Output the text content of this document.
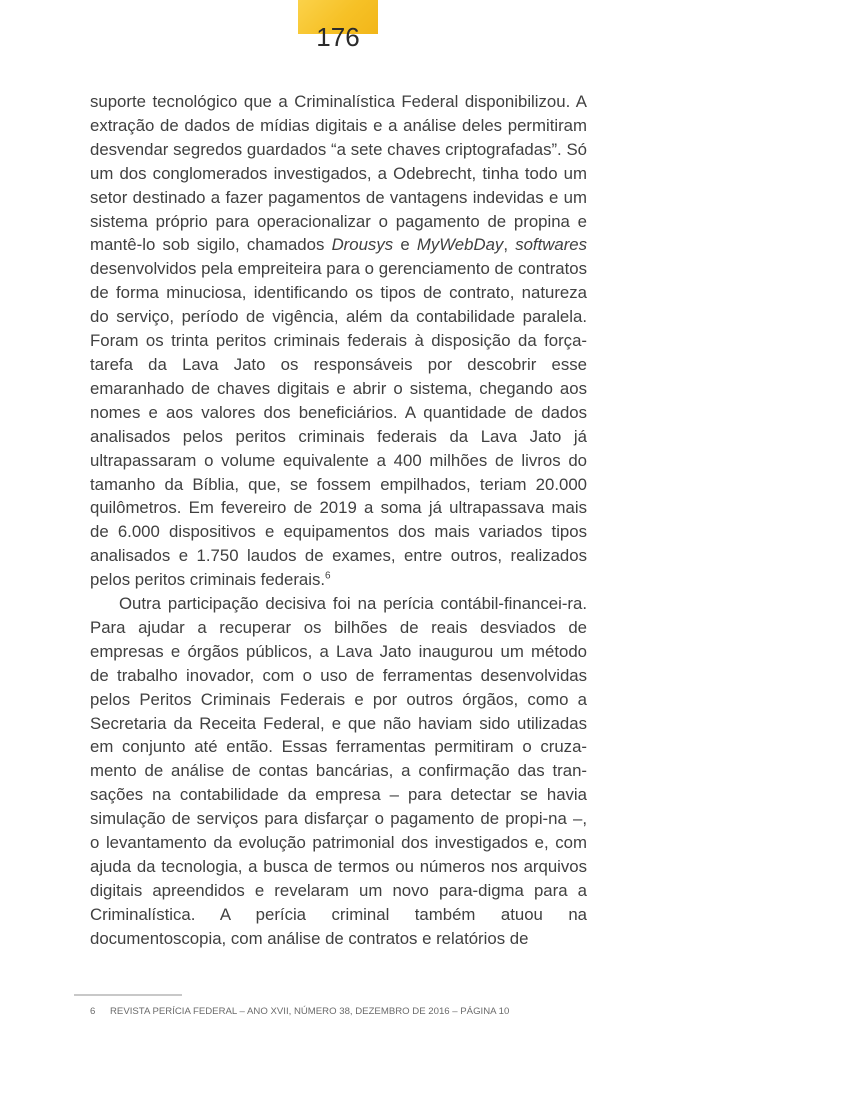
176

suporte tecnológico que a Criminalística Federal disponibilizou. A extração de dados de mídias digitais e a análise deles permitiram desvendar segredos guardados “a sete chaves criptografadas”. Só um dos conglomerados investigados, a Odebrecht, tinha todo um setor destinado a fazer pagamentos de vantagens indevidas e um sistema próprio para operacionalizar o pagamento de propina e mantê-lo sob sigilo, chamados Drousys e MyWebDay, softwares desenvolvidos pela empreiteira para o gerenciamento de contratos de forma minuciosa, identificando os tipos de contrato, natureza do serviço, período de vigência, além da contabilidade paralela. Foram os trinta peritos criminais federais à disposição da força-tarefa da Lava Jato os responsáveis por descobrir esse emaranhado de chaves digitais e abrir o sistema, chegando aos nomes e aos valores dos beneficiários. A quantidade de dados analisados pelos peritos criminais federais da Lava Jato já ultrapassaram o volume equivalente a 400 milhões de livros do tamanho da Bíblia, que, se fossem empilhados, teriam 20.000 quilômetros. Em fevereiro de 2019 a soma já ultrapassava mais de 6.000 dispositivos e equipamentos dos mais variados tipos analisados e 1.750 laudos de exames, entre outros, realizados pelos peritos criminais federais.$^6$

Outra participação decisiva foi na perícia contábil-financei-ra. Para ajudar a recuperar os bilhões de reais desviados de empresas e órgãos públicos, a Lava Jato inaugurou um método de trabalho inovador, com o uso de ferramentas desenvolvidas pelos Peritos Criminais Federais e por outros órgãos, como a Secretaria da Receita Federal, e que não haviam sido utilizadas em conjunto até então. Essas ferramentas permitiram o cruza-mento de análise de contas bancárias, a confirmação das tran-sações na contabilidade da empresa – para detectar se havia simulação de serviços para disfarçar o pagamento de propi-na –, o levantamento da evolução patrimonial dos investigados e, com ajuda da tecnologia, a busca de termos ou números nos arquivos digitais apreendidos e revelaram um novo para-digma para a Criminalística. A perícia criminal também atuou na documentoscopia, com análise de contratos e relatórios de

6 REVISTA PERÍCIA FEDERAL – ANO XVII, NÚMERO 38, DEZEMBRO DE 2016 – PÁGINA 10
